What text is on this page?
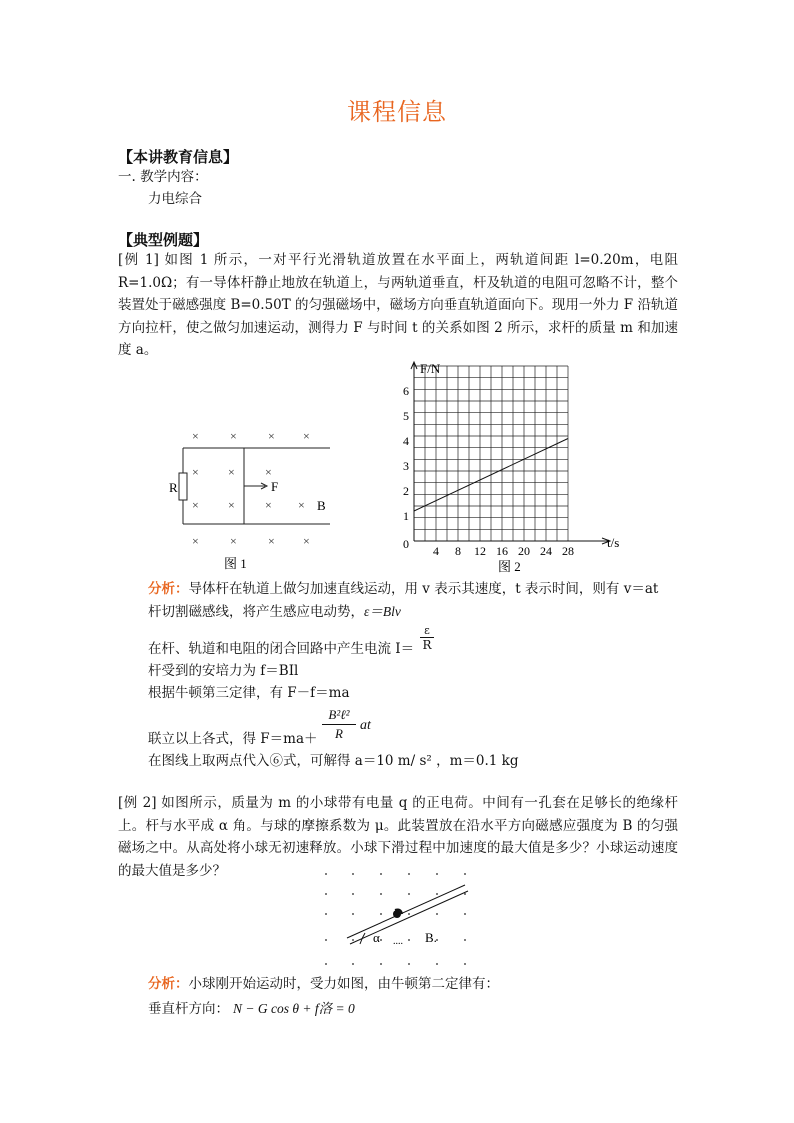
课程信息
【本讲教育信息】
一. 教学内容：
力电综合
【典型例题】
[例 1] 如图 1 所示，一对平行光滑轨道放置在水平面上，两轨道间距 l=0.20m，电阻 R=1.0Ω；有一导体杆静止地放在轨道上，与两轨道垂直，杆及轨道的电阻可忽略不计，整个装置处于磁感强度 B=0.50T 的匀强磁场中，磁场方向垂直轨道面向下。现用一外力 F 沿轨道方向拉杆，使之做匀加速运动，测得力 F 与时间 t 的关系如图 2 所示，求杆的质量 m 和加速度 a。
×	×	× ×
× ×	×
× ×	× ×
×	×	× ×
R	F
B
图 1
1
2
3
4
5
6
4 8 12 16 20 24 28
F/N
t/s
0
图 2
分析：导体杆在轨道上做匀加速直线运动，用 v 表示其速度，t 表示时间，则有 v＝at
杆切割磁感线，将产生感应电动势，ε＝Blv
在杆、轨道和电阻的闭合回路中产生电流 $I= \frac{\varepsilon}{R}$
杆受到的安培力为 f＝BIl
根据牛顿第三定律，有 F－f＝ma
联立以上各式，得 F＝ma＋
B²ℓ²
R
at
在图线上取两点代入⑥式，可解得 a＝10 m/ s² ，m＝0.1 kg
[例 2] 如图所示，质量为 m 的小球带有电量 q 的正电荷。中间有一孔套在足够长的绝缘杆上。杆与水平成 α 角。与球的摩擦系数为 μ。此装置放在沿水平方向磁感应强度为 B 的匀强磁场之中。从高处将小球无初速释放。小球下滑过程中加速度的最大值是多少？小球运动速度的最大值是多少？
α .... B.
分析：小球刚开始运动时，受力如图，由牛顿第二定律有：
垂直杆方向： N − G cos θ + f洛 = 0
